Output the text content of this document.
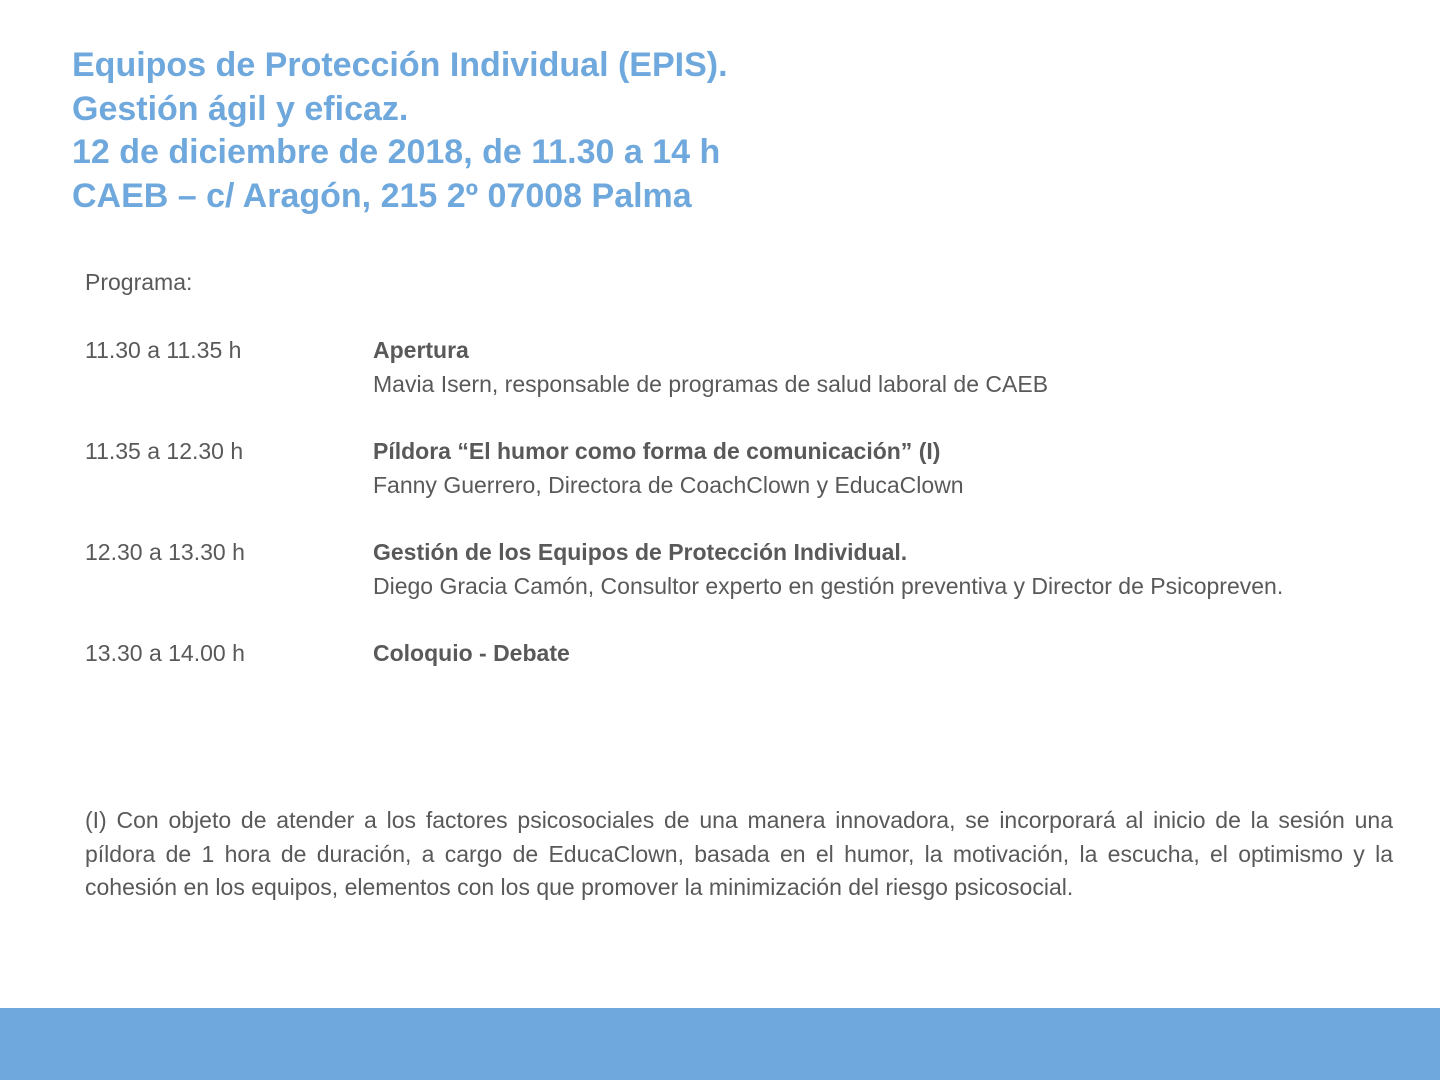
Equipos de Protección Individual (EPIS).
Gestión ágil y eficaz.
12 de diciembre de 2018, de 11.30 a 14 h
CAEB – c/ Aragón, 215 2º 07008 Palma

Programa:

11.30 a 11.35 h	Apertura
Mavia Isern, responsable de programas de salud laboral de CAEB
11.35 a 12.30 h	Píldora “El humor como forma de comunicación” (I)
Fanny Guerrero, Directora de CoachClown y EducaClown
12.30 a 13.30 h	Gestión de los Equipos de Protección Individual.
Diego Gracia Camón, Consultor experto en gestión preventiva y Director de Psicopreven.
13.30 a 14.00 h	Coloquio - Debate

(I) Con objeto de atender a los factores psicosociales de una manera innovadora, se incorporará al inicio de la sesión una píldora de 1 hora de duración, a cargo de EducaClown, basada en el humor, la motivación, la escucha, el optimismo y la cohesión en los equipos, elementos con los que promover la minimización del riesgo psicosocial.
